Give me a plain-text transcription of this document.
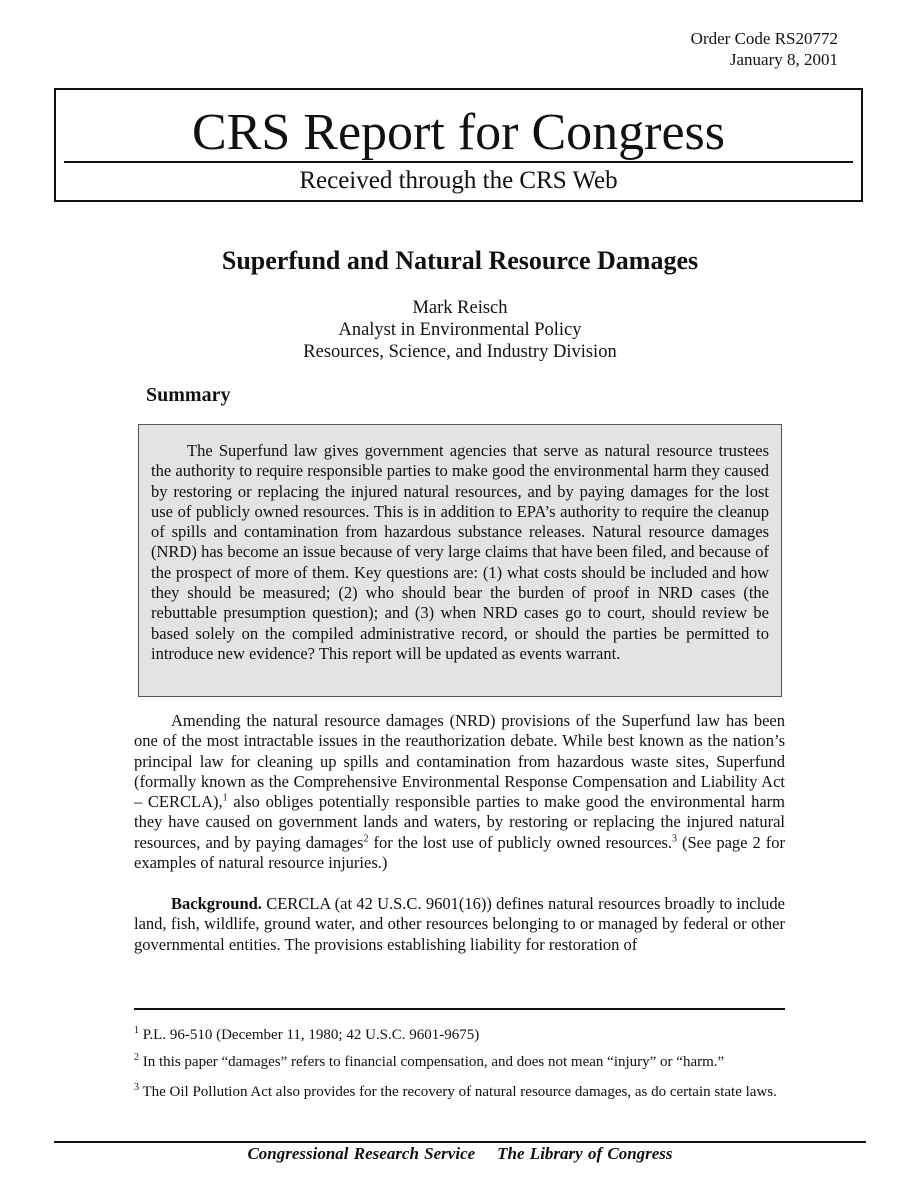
Order Code RS20772
January 8, 2001
CRS Report for Congress
Received through the CRS Web
Superfund and Natural Resource Damages
Mark Reisch
Analyst in Environmental Policy
Resources, Science, and Industry Division
Summary

The Superfund law gives government agencies that serve as natural resource trustees the authority to require responsible parties to make good the environmental harm they caused by restoring or replacing the injured natural resources, and by paying damages for the lost use of publicly owned resources. This is in addition to EPA’s authority to require the cleanup of spills and contamination from hazardous substance releases. Natural resource damages (NRD) has become an issue because of very large claims that have been filed, and because of the prospect of more of them. Key questions are: (1) what costs should be included and how they should be measured; (2) who should bear the burden of proof in NRD cases (the rebuttable presumption question); and (3) when NRD cases go to court, should review be based solely on the compiled administrative record, or should the parties be permitted to introduce new evidence? This report will be updated as events warrant.

Amending the natural resource damages (NRD) provisions of the Superfund law has been one of the most intractable issues in the reauthorization debate. While best known as the nation’s principal law for cleaning up spills and contamination from hazardous waste sites, Superfund (formally known as the Comprehensive Environmental Response Compensation and Liability Act – CERCLA),$^1$ also obliges potentially responsible parties to make good the environmental harm they have caused on government lands and waters, by restoring or replacing the injured natural resources, and by paying damages$^2$ for the lost use of publicly owned resources.$^3$ (See page 2 for examples of natural resource injuries.)

Background. CERCLA (at 42 U.S.C. 9601(16)) defines natural resources broadly to include land, fish, wildlife, ground water, and other resources belonging to or managed by federal or other governmental entities. The provisions establishing liability for restoration of

$^1$ P.L. 96-510 (December 11, 1980; 42 U.S.C. 9601-9675)
$^2$ In this paper “damages” refers to financial compensation, and does not mean “injury” or “harm.”
$^3$ The Oil Pollution Act also provides for the recovery of natural resource damages, as do certain state laws.
Congressional Research Service The Library of Congress
